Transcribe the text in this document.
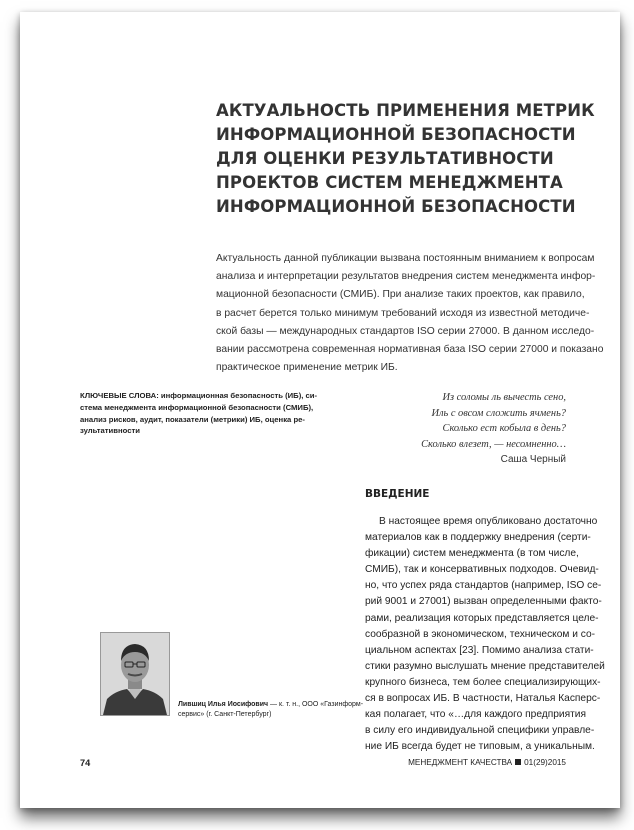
АКТУАЛЬНОСТЬ ПРИМЕНЕНИЯ МЕТРИК
ИНФОРМАЦИОННОЙ БЕЗОПАСНОСТИ
ДЛЯ ОЦЕНКИ РЕЗУЛЬТАТИВНОСТИ
ПРОЕКТОВ СИСТЕМ МЕНЕДЖМЕНТА
ИНФОРМАЦИОННОЙ БЕЗОПАСНОСТИ
Актуальность данной публикации вызвана постоянным вниманием к вопросам
анализа и интерпретации результатов внедрения систем менеджмента инфор-
мационной безопасности (СМИБ). При анализе таких проектов, как правило,
в расчет берется только минимум требований исходя из известной методиче-
ской базы — международных стандартов ISO серии 27000. В данном исследо-
вании рассмотрена современная нормативная база ISO серии 27000 и показано
практическое применение метрик ИБ.
КЛЮЧЕВЫЕ СЛОВА: информационная безопасность (ИБ), си-
стема менеджмента информационной безопасности (СМИБ),
анализ рисков, аудит, показатели (метрики) ИБ, оценка ре-
зультативности
Из соломы ль вычесть сено,
Иль с овсом сложить ячмень?
Сколько ест кобыла в день?
Сколько влезет, — несомненно…
Саша Черный
ВВЕДЕНИЕ
В настоящее время опубликовано достаточно
материалов как в поддержку внедрения (серти-
фикации) систем менеджмента (в том числе,
СМИБ), так и консервативных подходов. Очевид-
но, что успех ряда стандартов (например, ISO се-
рий 9001 и 27001) вызван определенными факто-
рами, реализация которых представляется целе-
сообразной в экономическом, техническом и со-
циальном аспектах [23]. Помимо анализа стати-
стики разумно выслушать мнение представителей
крупного бизнеса, тем более специализирующих-
ся в вопросах ИБ. В частности, Наталья Касперс-
кая полагает, что «…для каждого предприятия
в силу его индивидуальной специфики управле-
ние ИБ всегда будет не типовым, а уникальным.
Лившиц Илья Иосифович — к. т. н., ООО «Газинформ-
сервис» (г. Санкт-Петербург)
74	МЕНЕДЖМЕНТ КАЧЕСТВА 01(29)2015
